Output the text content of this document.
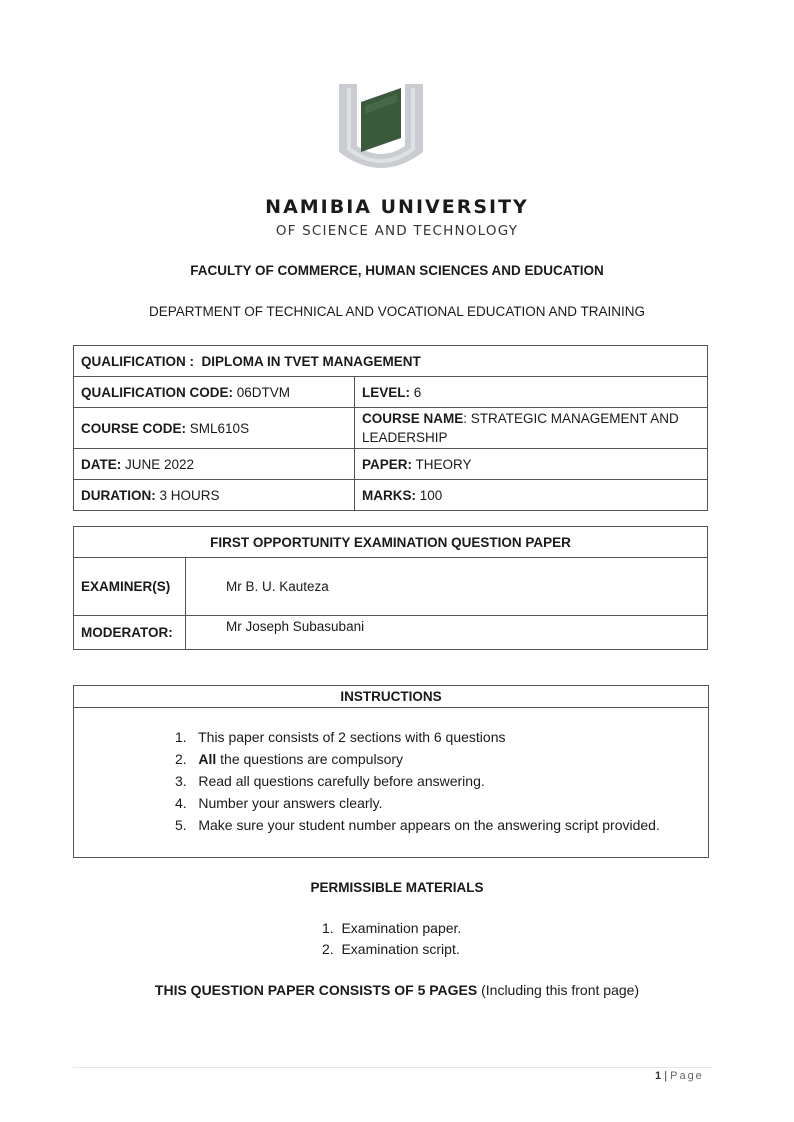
NAMIBIA UNIVERSITY
OF SCIENCE AND TECHNOLOGY
FACULTY OF COMMERCE, HUMAN SCIENCES AND EDUCATION
DEPARTMENT OF TECHNICAL AND VOCATIONAL EDUCATION AND TRAINING
QUALIFICATION : DIPLOMA IN TVET MANAGEMENT	
QUALIFICATION CODE: 06DTVM	LEVEL: 6
COURSE CODE: SML610S	COURSE NAME: STRATEGIC MANAGEMENT AND LEADERSHIP
DATE: JUNE 2022	PAPER: THEORY
DURATION: 3 HOURS	MARKS: 100
FIRST OPPORTUNITY EXAMINATION QUESTION PAPER	
EXAMINER(S)	Mr B. U. Kauteza
MODERATOR:	Mr Joseph Subasubani
INSTRUCTIONS
1. This paper consists of 2 sections with 6 questions
2. All the questions are compulsory
3. Read all questions carefully before answering.
4. Number your answers clearly.
5. Make sure your student number appears on the answering script provided.
PERMISSIBLE MATERIALS
1. Examination paper.
2. Examination script.
THIS QUESTION PAPER CONSISTS OF 5 PAGES (Including this front page)
1 | Page
